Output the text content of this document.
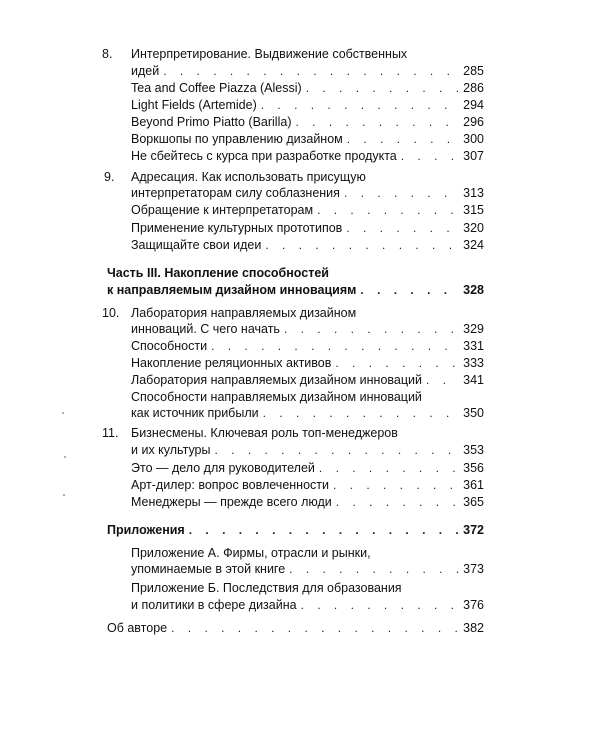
8. Интерпретирование. Выдвижение собственных
идей . . .	285
Tea and Coffee Piazza (Alessi) . . .	286
Light Fields (Artemide) . . .	294
Beyond Primo Piatto (Barilla) . . .	296
Воркшопы по управлению дизайном . . .	300
Не сбейтесь с курса при разработке продукта . . .	307
9. Адресация. Как использовать присущую
интерпретаторам силу соблазнения . . .	313
Обращение к интерпретаторам . . .	315
Применение культурных прототипов . . .	320
Защищайте свои идеи . . .	324
Часть III. Накопление способностей
к направляемым дизайном инновациям . . .	328
10. Лаборатория направляемых дизайном
инноваций. С чего начать . . .	329
Способности . . .	331
Накопление реляционных активов . . .	333
Лаборатория направляемых дизайном инноваций . . .	341
Способности направляемых дизайном инноваций
как источник прибыли . . .	350
11. Бизнесмены. Ключевая роль топ-менеджеров
и их культуры . . .	353
Это — дело для руководителей . . .	356
Арт-дилер: вопрос вовлеченности . . .	361
Менеджеры — прежде всего люди . . .	365
Приложения . . .	372
Приложение А. Фирмы, отрасли и рынки,
упоминаемые в этой книге . . .	373
Приложение Б. Последствия для образования
и политики в сфере дизайна . . .	376
Об авторе . . .	382
